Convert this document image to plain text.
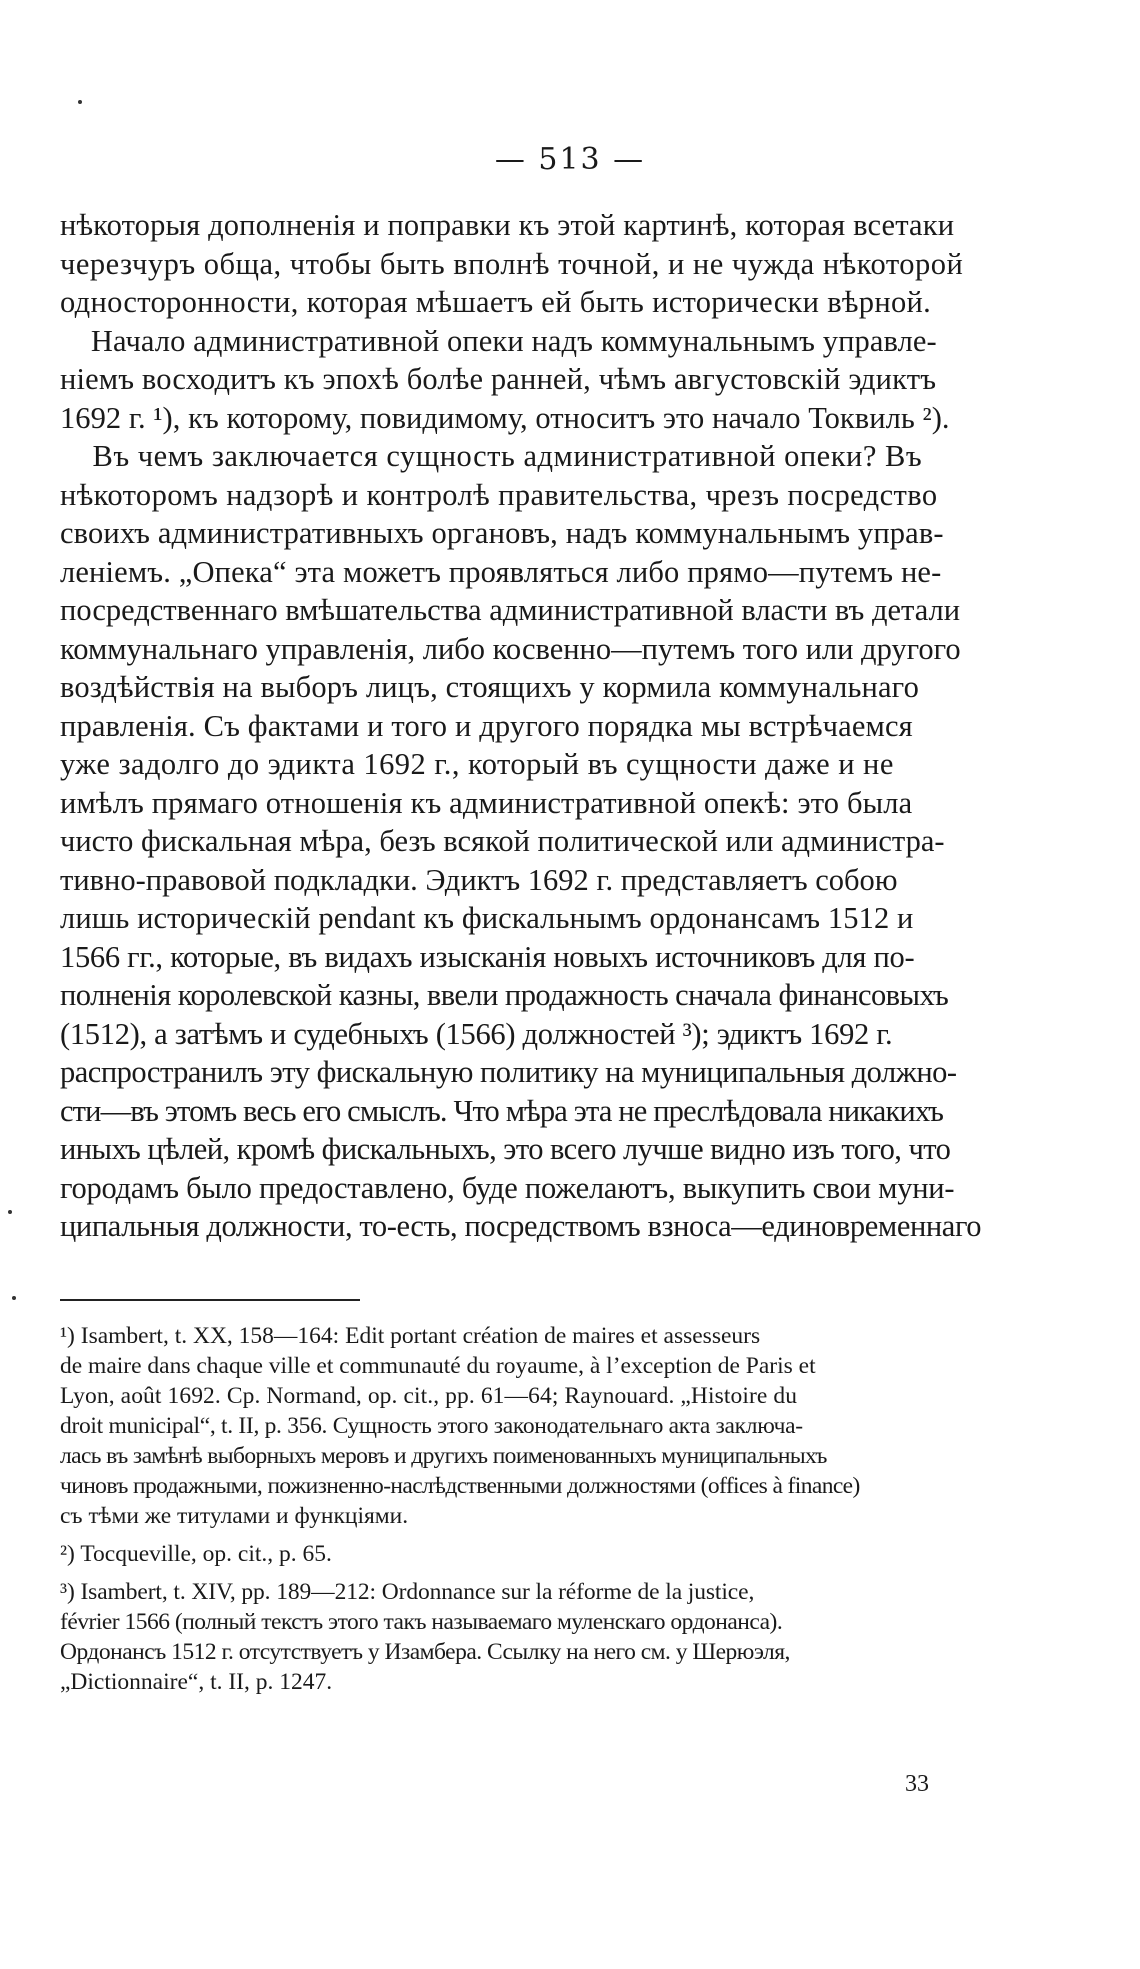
— 513 —
нѣкоторыя дополненія и поправки къ этой картинѣ, которая всетаки
черезчуръ обща, чтобы быть вполнѣ точной, и не чужда нѣкоторой
односторонности, которая мѣшаетъ ей быть исторически вѣрной.
Начало административной опеки надъ коммунальнымъ управле-
ніемъ восходитъ къ эпохѣ болѣе ранней, чѣмъ августовскій эдиктъ
1692 г. ¹), къ которому, повидимому, относитъ это начало Токвиль ²).
Въ чемъ заключается сущность административной опеки? Въ
нѣкоторомъ надзорѣ и контролѣ правительства, чрезъ посредство
своихъ административныхъ органовъ, надъ коммунальнымъ управ-
леніемъ. „Опека“ эта можетъ проявляться либо прямо—путемъ не-
посредственнаго вмѣшательства административной власти въ детали
коммунальнаго управленія, либо косвенно—путемъ того или другого
воздѣйствія на выборъ лицъ, стоящихъ у кормила коммунальнаго
правленія. Съ фактами и того и другого порядка мы встрѣчаемся
уже задолго до эдикта 1692 г., который въ сущности даже и не
имѣлъ прямаго отношенія къ административной опекѣ: это была
чисто фискальная мѣра, безъ всякой политической или администра-
тивно-правовой подкладки. Эдиктъ 1692 г. представляетъ собою
лишь историческій pendant къ фискальнымъ ордонансамъ 1512 и
1566 гг., которые, въ видахъ изысканія новыхъ источниковъ для по-
полненія королевской казны, ввели продажность сначала финансовыхъ
(1512), а затѣмъ и судебныхъ (1566) должностей ³); эдиктъ 1692 г.
распространилъ эту фискальную политику на муниципальныя должно-
сти—въ этомъ весь его смыслъ. Что мѣра эта не преслѣдовала никакихъ
иныхъ цѣлей, кромѣ фискальныхъ, это всего лучше видно изъ того, что
городамъ было предоставлено, буде пожелаютъ, выкупить свои муни-
ципальныя должности, то-есть, посредствомъ взноса—единовременнаго
¹) Isambert, t. XX, 158—164: Edit portant création de maires et assesseurs
de maire dans chaque ville et communauté du royaume, à l’exception de Paris et
Lyon, août 1692. Cp. Normand, op. cit., pp. 61—64; Raynouard. „Histoire du
droit municipal“, t. II, p. 356. Сущность этого законодательнаго акта заключа-
лась въ замѣнѣ выборныхъ меровъ и другихъ поименованныхъ муниципальныхъ
чиновъ продажными, пожизненно-наслѣдственными должностями (offices à finance)
съ тѣми же титулами и функціями.
²) Tocqueville, op. cit., p. 65.
³) Isambert, t. XIV, pp. 189—212: Ordonnance sur la réforme de la justice,
février 1566 (полный текстъ этого такъ называемаго муленскаго ордонанса).
Ордонансъ 1512 г. отсутствуетъ у Изамбера. Ссылку на него см. у Шерюэля,
„Dictionnaire“, t. II, p. 1247.
33
